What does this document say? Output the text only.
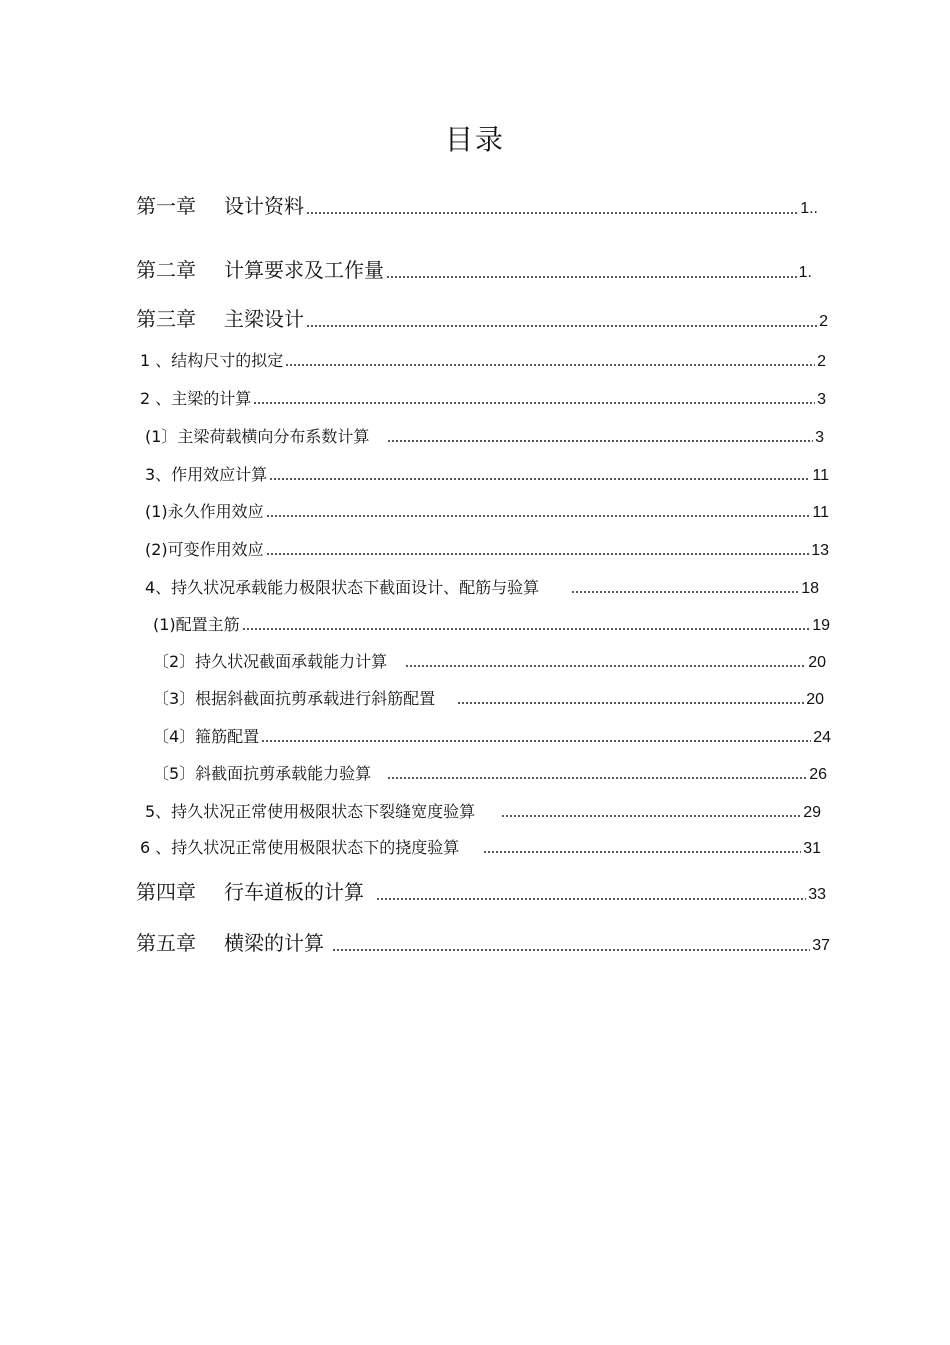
目录
第一章 设计资料	1..
第二章 计算要求及工作量	1.
第三章 主梁设计	2
1 、结构尺寸的拟定	2
2 、主梁的计算	3
(1〕主梁荷载横向分布系数计算	3
3、作用效应计算	11
(1)永久作用效应	11
(2)可变作用效应	13
4、持久状况承载能力极限状态下截面设计、配筋与验算	18
(1)配置主筋	19
〔2〕持久状况截面承载能力计算	20
〔3〕根据斜截面抗剪承载进行斜筋配置	20
〔4〕箍筋配置	24
〔5〕斜截面抗剪承载能力验算	26
5、持久状况正常使用极限状态下裂缝宽度验算	29
6 、持久状况正常使用极限状态下的挠度验算	31
第四章 行车道板的计算	33
第五章 横梁的计算	37
